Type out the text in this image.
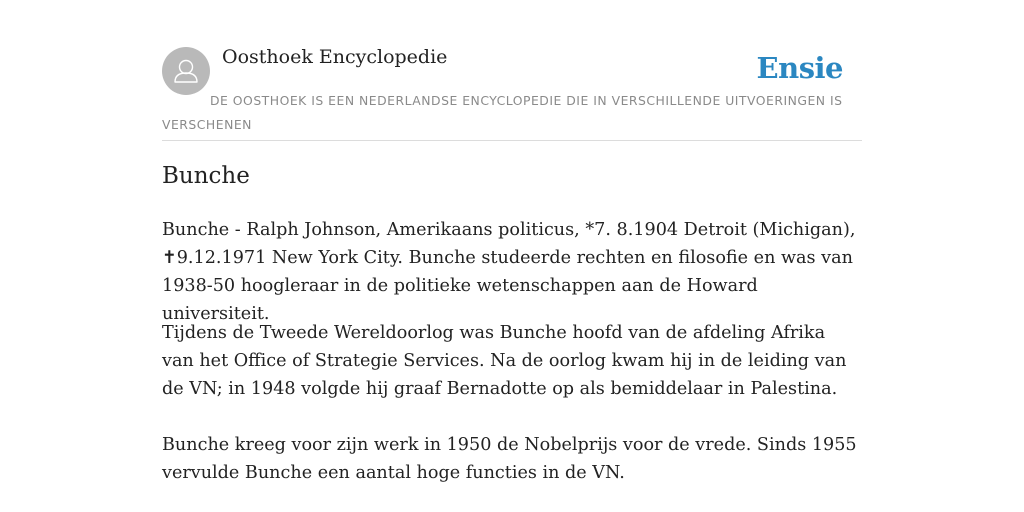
Oosthoek Encyclopedie	Ensie

DE OOSTHOEK IS EEN NEDERLANDSE ENCYCLOPEDIE DIE IN VERSCHILLENDE UITVOERINGEN IS VERSCHENEN

Bunche

Bunche - Ralph Johnson, Amerikaans politicus, *7. 8.1904 Detroit (Michigan), ✝9.12.1971 New York City. Bunche studeerde rechten en filosofie en was van 1938-50 hoogleraar in de politieke wetenschappen aan de Howard universiteit.

Tijdens de Tweede Wereldoorlog was Bunche hoofd van de afdeling Afrika van het Office of Strategie Services. Na de oorlog kwam hij in de leiding van de VN; in 1948 volgde hij graaf Bernadotte op als bemiddelaar in Palestina.

Bunche kreeg voor zijn werk in 1950 de Nobelprijs voor de vrede. Sinds 1955 vervulde Bunche een aantal hoge functies in de VN.
